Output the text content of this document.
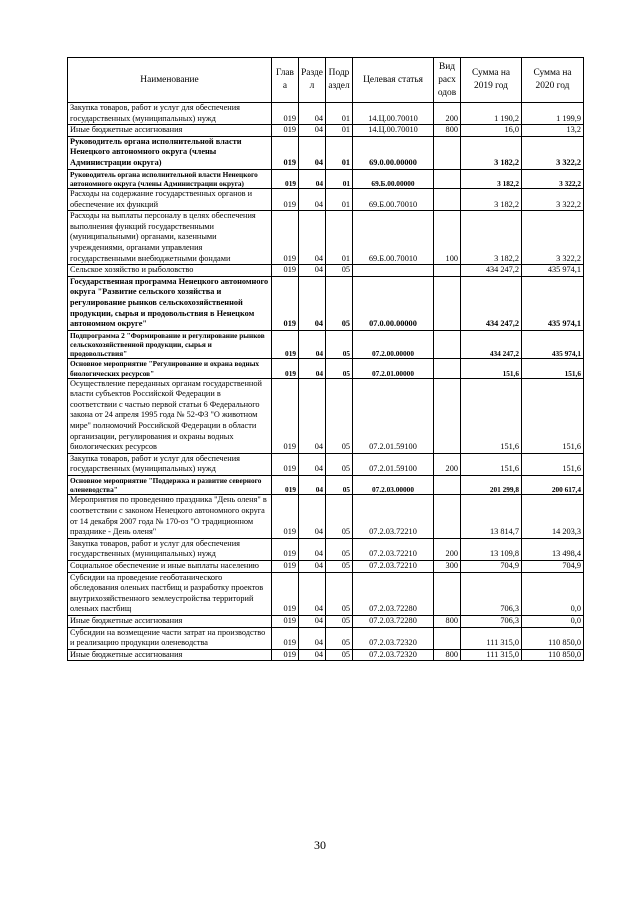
Наименование	Глав а	Разде л	Подр аздел	Целевая статья	Вид расх одов	Сумма на 2019 год	Сумма на 2020 год
Закупка товаров, работ и услуг для обеспечения государственных (муниципальных) нужд	019	04	01	14.Ц.00.70010	200	1 190,2	1 199,9
Иные бюджетные ассигнования	019	04	01	14.Ц.00.70010	800	16,0	13,2
Руководитель органа исполнительной власти Ненецкого автономного округа (члены Администрации округа)	019	04	01	69.0.00.00000		3 182,2	3 322,2
Руководитель органа исполнительной власти Ненецкого автономного округа (члены Администрации округа)	019	04	01	69.Б.00.00000		3 182,2	3 322,2
Расходы на содержание государственных органов и обеспечение их функций	019	04	01	69.Б.00.70010		3 182,2	3 322,2
Расходы на выплаты персоналу в целях обеспечения выполнения функций государственными (муниципальными) органами, казенными учреждениями, органами управления государственными внебюджетными фондами	019	04	01	69.Б.00.70010	100	3 182,2	3 322,2
Сельское хозяйство и рыболовство	019	04	05			434 247,2	435 974,1
Государственная программа Ненецкого автономного округа "Развитие сельского хозяйства и регулирование рынков сельскохозяйственной продукции, сырья и продовольствия в Ненецком автономном округе"	019	04	05	07.0.00.00000		434 247,2	435 974,1
Подпрограмма 2 "Формирование и регулирование рынков сельскохозяйственной продукции, сырья и продовольствия"	019	04	05	07.2.00.00000		434 247,2	435 974,1
Основное мероприятие "Регулирование и охрана водных биологических ресурсов"	019	04	05	07.2.01.00000		151,6	151,6
Осуществление переданных органам государственной власти субъектов Российской Федерации в соответствии с частью первой статьи 6 Федерального закона от 24 апреля 1995 года № 52-ФЗ "О животном мире" полномочий Российской Федерации в области организации, регулирования и охраны водных биологических ресурсов	019	04	05	07.2.01.59100		151,6	151,6
Закупка товаров, работ и услуг для обеспечения государственных (муниципальных) нужд	019	04	05	07.2.01.59100	200	151,6	151,6
Основное мероприятие "Поддержка и развитие северного оленеводства"	019	04	05	07.2.03.00000		201 299,8	200 617,4
Мероприятия по проведению праздника "День оленя" в соответствии с законом Ненецкого автономного округа от 14 декабря 2007 года № 170-оз "О традиционном празднике - День оленя"	019	04	05	07.2.03.72210		13 814,7	14 203,3
Закупка товаров, работ и услуг для обеспечения государственных (муниципальных) нужд	019	04	05	07.2.03.72210	200	13 109,8	13 498,4
Социальное обеспечение и иные выплаты населению	019	04	05	07.2.03.72210	300	704,9	704,9
Субсидии на проведение геоботанического обследования оленьих пастбищ и разработку проектов внутрихозяйственного землеустройства территорий оленьих пастбищ	019	04	05	07.2.03.72280		706,3	0,0
Иные бюджетные ассигнования	019	04	05	07.2.03.72280	800	706,3	0,0
Субсидии на возмещение части затрат на производство и реализацию продукции оленеводства	019	04	05	07.2.03.72320		111 315,0	110 850,0
Иные бюджетные ассигнования	019	04	05	07.2.03.72320	800	111 315,0	110 850,0
30
